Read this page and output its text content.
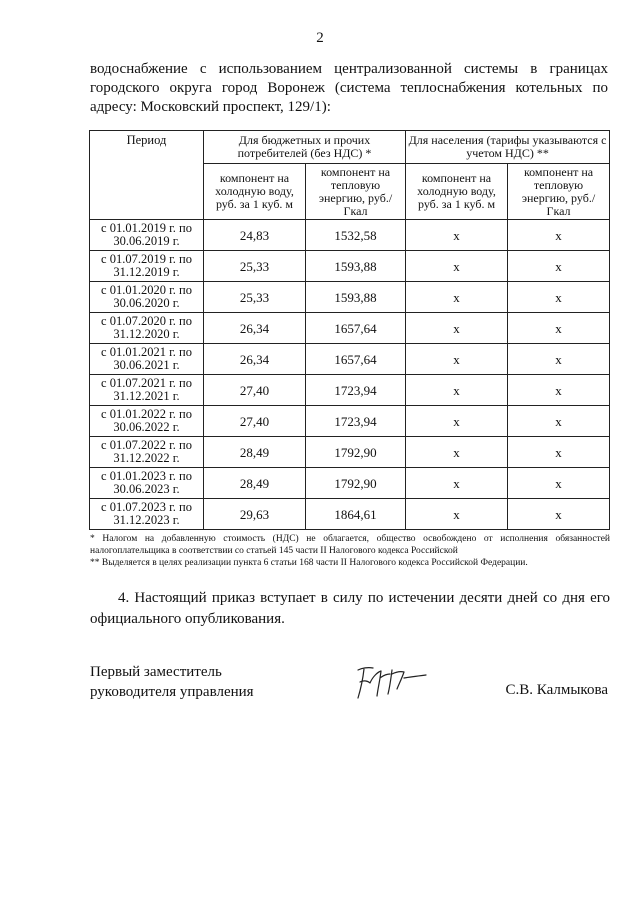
2
водоснабжение с использованием централизованной системы в границах городского округа город Воронеж (система теплоснабжения котельных по адресу: Московский проспект, 129/1):
Период	Для бюджетных и прочих потребителей (без НДС) *		Для населения (тарифы указываются с учетом НДС) **	
	компонент на холодную воду, руб. за 1 куб. м	компонент на тепловую энергию, руб./Гкал	компонент на холодную воду, руб. за 1 куб. м	компонент на тепловую энергию, руб./Гкал
с 01.01.2019 г. по 30.06.2019 г.	24,83	1532,58	х	х
с 01.07.2019 г. по 31.12.2019 г.	25,33	1593,88	х	х
с 01.01.2020 г. по 30.06.2020 г.	25,33	1593,88	х	х
с 01.07.2020 г. по 31.12.2020 г.	26,34	1657,64	х	х
с 01.01.2021 г. по 30.06.2021 г.	26,34	1657,64	х	х
с 01.07.2021 г. по 31.12.2021 г.	27,40	1723,94	х	х
с 01.01.2022 г. по 30.06.2022 г.	27,40	1723,94	х	х
с 01.07.2022 г. по 31.12.2022 г.	28,49	1792,90	х	х
с 01.01.2023 г. по 30.06.2023 г.	28,49	1792,90	х	х
с 01.07.2023 г. по 31.12.2023 г.	29,63	1864,61	х	х

* Налогом на добавленную стоимость (НДС) не облагается, общество освобождено от исполнения обязанностей налогоплательщика в соответствии со статьей 145 части II Налогового кодекса Российской

** Выделяется в целях реализации пункта 6 статьи 168 части II Налогового кодекса Российской Федерации.

4. Настоящий приказ вступает в силу по истечении десяти дней со дня его официального опубликования.
Первый заместитель
руководителя управления	С.В. Калмыкова
